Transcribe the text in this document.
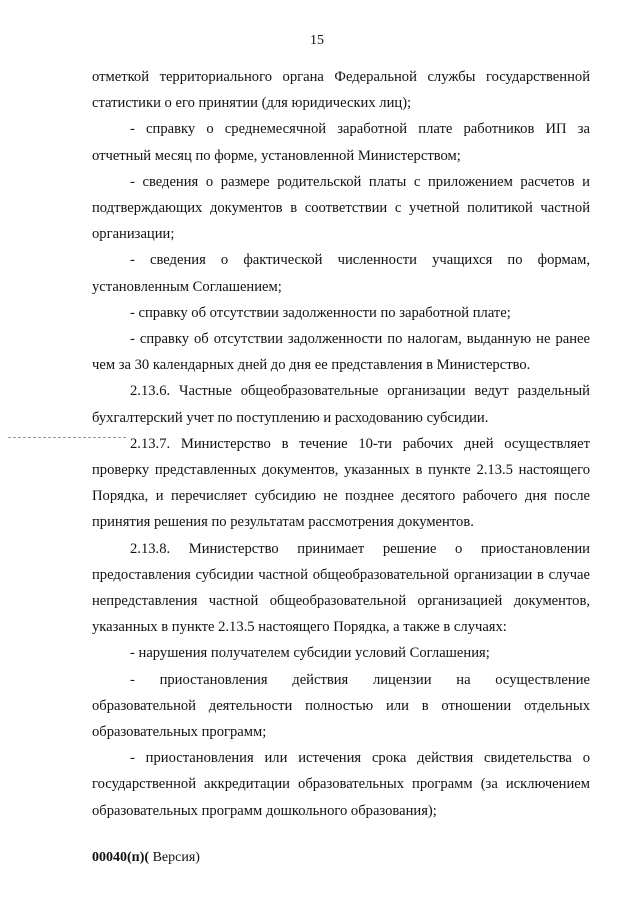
15

отметкой территориального органа Федеральной службы государственной статистики о его принятии (для юридических лиц);

- справку о среднемесячной заработной плате работников ИП за отчетный месяц по форме, установленной Министерством;

- сведения о размере родительской платы с приложением расчетов и подтверждающих документов в соответствии с учетной политикой частной организации;

- сведения о фактической численности учащихся по формам, установленным Соглашением;

- справку об отсутствии задолженности по заработной плате;

- справку об отсутствии задолженности по налогам, выданную не ранее чем за 30 календарных дней до дня ее представления в Министерство.

2.13.6. Частные общеобразовательные организации ведут раздельный бухгалтерский учет по поступлению и расходованию субсидии.

2.13.7. Министерство в течение 10-ти рабочих дней осуществляет проверку представленных документов, указанных в пункте 2.13.5 настоящего Порядка, и перечисляет субсидию не позднее десятого рабочего дня после принятия решения по результатам рассмотрения документов.

2.13.8. Министерство принимает решение о приостановлении предоставления субсидии частной общеобразовательной организации в случае непредставления частной общеобразовательной организацией документов, указанных в пункте 2.13.5 настоящего Порядка, а также в случаях:

- нарушения получателем субсидии условий Соглашения;

- приостановления действия лицензии на осуществление образовательной деятельности полностью или в отношении отдельных образовательных программ;

- приостановления или истечения срока действия свидетельства о государственной аккредитации образовательных программ (за исключением образовательных программ дошкольного образования);

00040(п)( Версия)
